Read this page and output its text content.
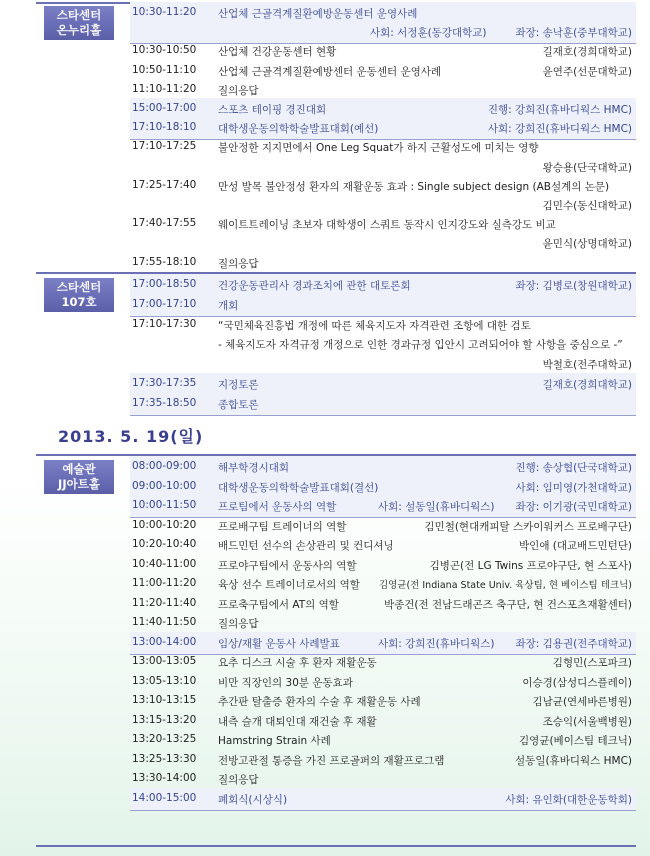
스타센터
온누리홀
10:30-11:20 산업체 근골격계질환예방운동센터 운영사례
사회: 서정훈(동강대학교)	좌장: 송낙훈(중부대학교)
10:30-10:50 산업체 건강운동센터 현황	길재호(경희대학교)
10:50-11:10 산업체 근골격계질환예방센터 운동센터 운영사례	윤연주(선문대학교)
11:10-11:20 질의응답
15:00-17:00 스포츠 테이핑 경진대회	진행: 강희진(휴바디웍스 HMC)
17:10-18:10 대학생운동의학학술발표대회(예선)	사회: 강희진(휴바디웍스 HMC)
17:10-17:25 불안정한 지지면에서 One Leg Squat가 하지 근활성도에 미치는 영향
왕승용(단국대학교)
17:25-17:40 만성 발목 불안정성 환자의 재활운동 효과 : Single subject design (AB설계의 논문)
김민수(동신대학교)
17:40-17:55 웨이트트레이닝 초보자 대학생이 스쿼트 동작시 인지강도와 실측강도 비교
윤민식(상명대학교)
17:55-18:10 질의응답
스타센터
107호
17:00-18:50 건강운동관리사 경과조치에 관한 대토론회	좌장: 김병로(창원대학교)
17:00-17:10 개회
17:10-17:30 “국민체육진흥법 개정에 따른 체육지도자 자격관련 조항에 대한 검토
- 체육지도자 자격규정 개정으로 인한 경과규정 입안시 고려되어야 할 사항을 중심으로 -”
박철호(전주대학교)
17:30-17:35 지정토론	길재호(경희대학교)
17:35-18:50 종합토론
2013. 5. 19(일)
예술관
JJ아트홀
08:00-09:00 해부학경시대회	진행: 송상협(단국대학교)
09:00-10:00 대학생운동의학학술발표대회(결선)	사회: 임미영(가천대학교)
10:00-11:50 프로팀에서 운동사의 역할	사회: 설동일(휴바디웍스) 좌장: 이기광(국민대학교)
10:00-10:20 프로배구팀 트레이너의 역할	김민철(현대캐피탈 스카이워커스 프로배구단)
10:20-10:40 배드민턴 선수의 손상관리 및 컨디셔닝	박인애 (대교배드민턴단)
10:40-11:00 프로야구팀에서 운동사의 역할	김병곤(전 LG Twins 프로야구단, 현 스포사)
11:00-11:20 육상 선수 트레이너로서의 역할 김영균(전 Indiana State Univ. 육상팀, 현 베이스팀 테크닉)
11:20-11:40 프로축구팀에서 AT의 역할	박종건(전 전남드래곤즈 축구단, 현 건스포츠재활센터)
11:40-11:50 질의응답
13:00-14:00 임상/재활 운동사 사례발표	사회: 강희진(휴바디웍스) 좌장: 김용권(전주대학교)
13:00-13:05 요추 디스크 시술 후 환자 재활운동	김형민(스포파크)
13:05-13:10 비만 직장인의 30분 운동효과	이승경(삼성디스플레이)
13:10-13:15 추간판 탈출증 환자의 수술 후 재활운동 사례	김남균(연세바른병원)
13:15-13:20 내측 슬개 대퇴인대 재건술 후 재활	조승익(서울백병원)
13:20-13:25 Hamstring Strain 사례	김영균(베이스팀 테크닉)
13:25-13:30 전방고관절 통증을 가진 프로골퍼의 재활프로그램	설동일(휴바디웍스 HMC)
13:30-14:00 질의응답
14:00-15:00 폐회식(시상식)	사회: 유인화(대한운동학회)
